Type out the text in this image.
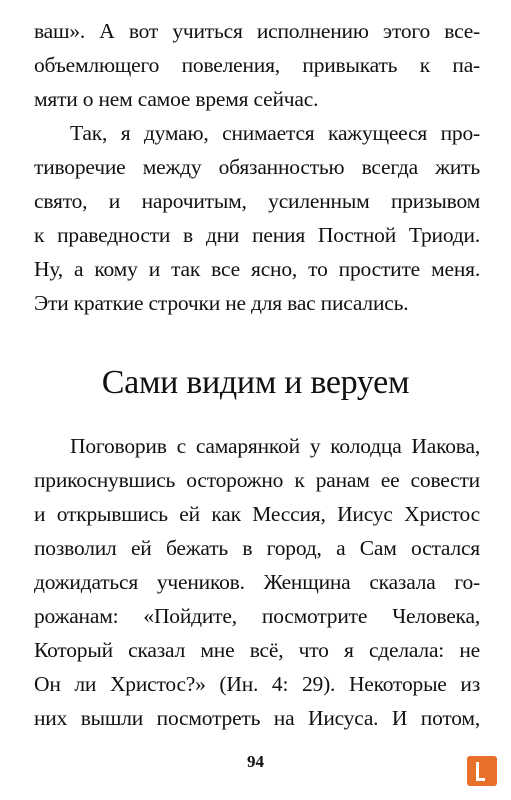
ваш». А вот учиться исполнению этого все-
объемлющего повеления, привыкать к па-
мяти о нем самое время сейчас.
Так, я думаю, снимается кажущееся про-
тиворечие между обязанностью всегда жить
свято, и нарочитым, усиленным призывом
к праведности в дни пения Постной Триоди.
Ну, а кому и так все ясно, то простите меня.
Эти краткие строчки не для вас писались.
Сами видим и веруем
Поговорив с самарянкой у колодца Иакова,
прикоснувшись осторожно к ранам ее совести
и открывшись ей как Мессия, Иисус Христос
позволил ей бежать в город, а Сам остался
дожидаться учеников. Женщина сказала го-
рожанам: «Пойдите, посмотрите Человека,
Который сказал мне всё, что я сделала: не
Он ли Христос?» (Ин. 4: 29). Некоторые из
них вышли посмотреть на Иисуса. И потом,
94
